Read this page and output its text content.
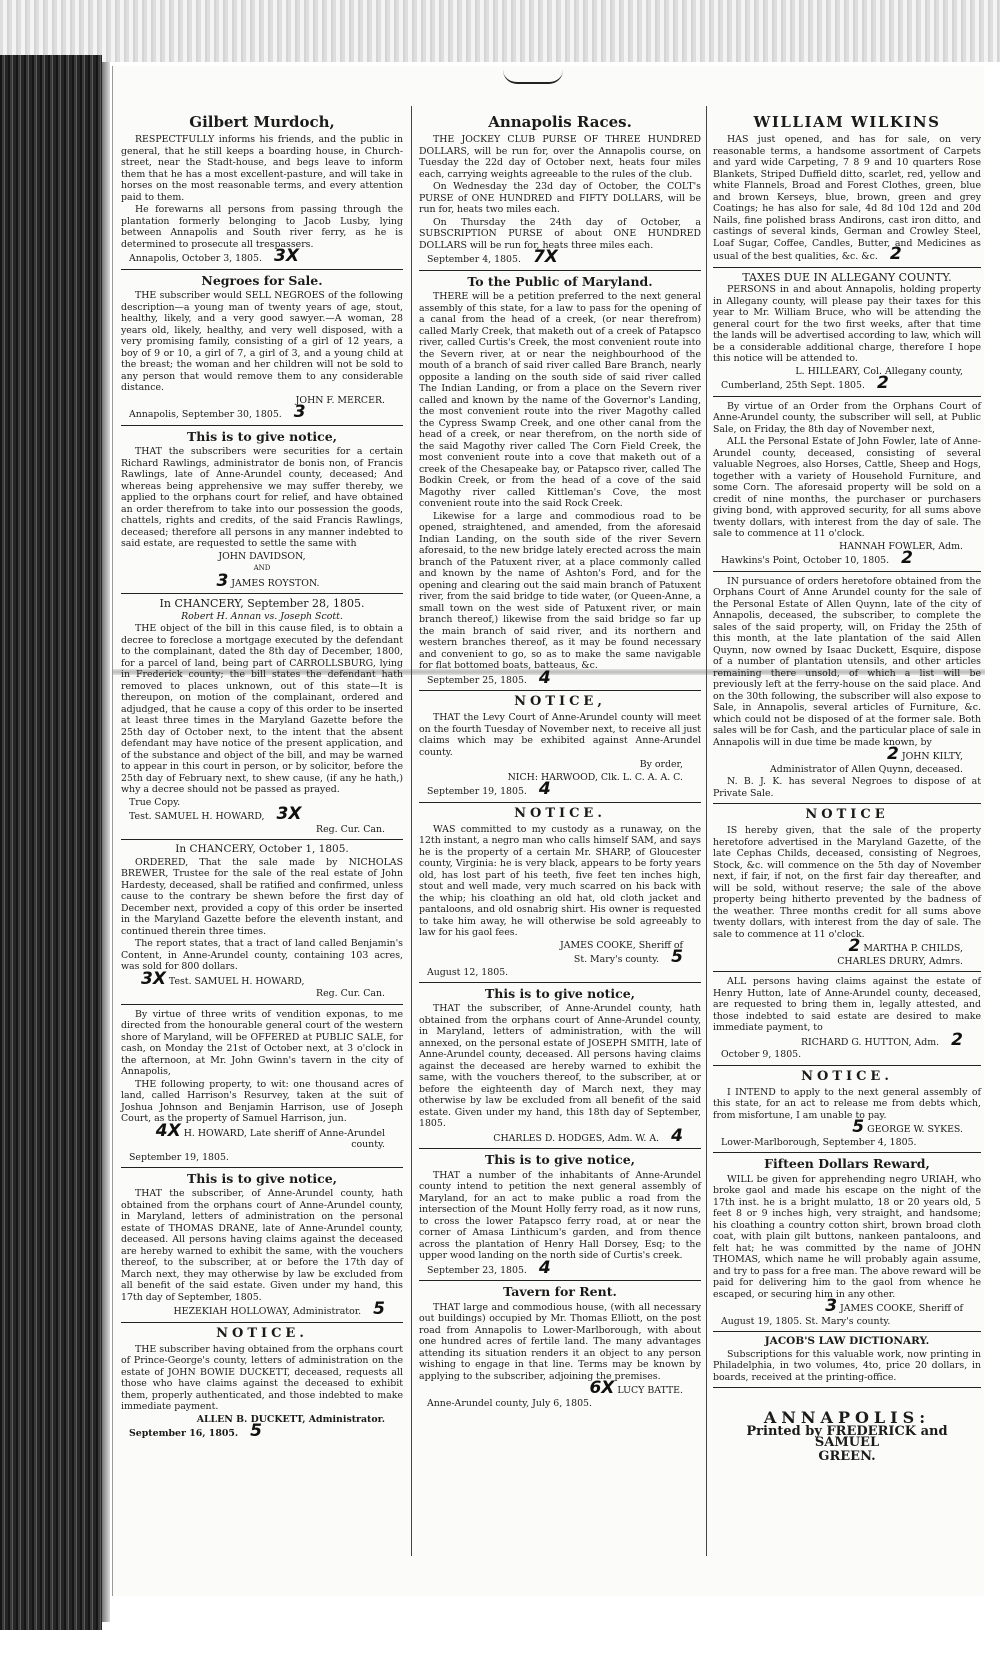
Gilbert Murdoch,

RESPECTFULLY informs his friends, and the public in general, that he still keeps a boarding house, in Church-street, near the Stadt-house, and begs leave to inform them that he has a most excellent-pasture, and will take in horses on the most reasonable terms, and every attention paid to them.

He forewarns all persons from passing through the plantation formerly belonging to Jacob Lusby, lying between Annapolis and South river ferry, as he is determined to prosecute all trespassers.

Annapolis, October 3, 1805. 3X

Negroes for Sale.

THE subscriber would SELL NEGROES of the following description—a young man of twenty years of age, stout, healthy, likely, and a very good sawyer.—A woman, 28 years old, likely, healthy, and very well disposed, with a very promising family, consisting of a girl of 12 years, a boy of 9 or 10, a girl of 7, a girl of 3, and a young child at the breast; the woman and her children will not be sold to any person that would remove them to any considerable distance.

JOHN F. MERCER.

Annapolis, September 30, 1805. 3

This is to give notice,

THAT the subscribers were securities for a certain Richard Rawlings, administrator de bonis non, of Francis Rawlings, late of Anne-Arundel county, deceased; And whereas being apprehensive we may suffer thereby, we applied to the orphans court for relief, and have obtained an order therefrom to take into our possession the goods, chattels, rights and credits, of the said Francis Rawlings, deceased; therefore all persons in any manner indebted to said estate, are requested to settle the same with

JOHN DAVIDSON,

AND

3 JAMES ROYSTON.

In CHANCERY, September 28, 1805.

Robert H. Annan vs. Joseph Scott.

THE object of the bill in this cause filed, is to obtain a decree to foreclose a mortgage executed by the defendant to the complainant, dated the 8th day of December, 1800, for a parcel of land, being part of CARROLLSBURG, lying in Frederick county; the bill states the defendant hath removed to places unknown, out of this state—It is thereupon, on motion of the complainant, ordered and adjudged, that he cause a copy of this order to be inserted at least three times in the Maryland Gazette before the 25th day of October next, to the intent that the absent defendant may have notice of the present application, and of the substance and object of the bill, and may be warned to appear in this court in person, or by solicitor, before the 25th day of February next, to shew cause, (if any he hath,) why a decree should not be passed as prayed.

True Copy.

Test. SAMUEL H. HOWARD, 3X

Reg. Cur. Can.

In CHANCERY, October 1, 1805.

ORDERED, That the sale made by NICHOLAS BREWER, Trustee for the sale of the real estate of John Hardesty, deceased, shall be ratified and confirmed, unless cause to the contrary be shewn before the first day of December next, provided a copy of this order be inserted in the Maryland Gazette before the eleventh instant, and continued therein three times.

The report states, that a tract of land called Benjamin's Content, in Anne-Arundel county, containing 103 acres, was sold for 800 dollars.

3X Test. SAMUEL H. HOWARD,

Reg. Cur. Can.

By virtue of three writs of vendition exponas, to me directed from the honourable general court of the western shore of Maryland, will be OFFERED at PUBLIC SALE, for cash, on Monday the 21st of October next, at 3 o'clock in the afternoon, at Mr. John Gwinn's tavern in the city of Annapolis,

THE following property, to wit: one thousand acres of land, called Harrison's Resurvey, taken at the suit of Joshua Johnson and Benjamin Harrison, use of Joseph Court, as the property of Samuel Harrison, jun.

4X H. HOWARD, Late sheriff of Anne-Arundel county.

September 19, 1805.

This is to give notice,

THAT the subscriber, of Anne-Arundel county, hath obtained from the orphans court of Anne-Arundel county, in Maryland, letters of administration on the personal estate of THOMAS DRANE, late of Anne-Arundel county, deceased. All persons having claims against the deceased are hereby warned to exhibit the same, with the vouchers thereof, to the subscriber, at or before the 17th day of March next, they may otherwise by law be excluded from all benefit of the said estate. Given under my hand, this 17th day of September, 1805.

HEZEKIAH HOLLOWAY, Administrator. 5

NOTICE.

THE subscriber having obtained from the orphans court of Prince-George's county, letters of administration on the estate of JOHN BOWIE DUCKETT, deceased, requests all those who have claims against the deceased to exhibit them, properly authenticated, and those indebted to make immediate payment.

ALLEN B. DUCKETT, Administrator.

September 16, 1805. 5

Annapolis Races.

THE JOCKEY CLUB PURSE OF THREE HUNDRED DOLLARS, will be run for, over the Annapolis course, on Tuesday the 22d day of October next, heats four miles each, carrying weights agreeable to the rules of the club.

On Wednesday the 23d day of October, the COLT's PURSE of ONE HUNDRED and FIFTY DOLLARS, will be run for, heats two miles each.

On Thursday the 24th day of October, a SUBSCRIPTION PURSE of about ONE HUNDRED DOLLARS will be run for, heats three miles each.

September 4, 1805. 7X

To the Public of Maryland.

THERE will be a petition preferred to the next general assembly of this state, for a law to pass for the opening of a canal from the head of a creek, (or near therefrom) called Marly Creek, that maketh out of a creek of Patapsco river, called Curtis's Creek, the most convenient route into the Severn river, at or near the neighbourhood of the mouth of a branch of said river called Bare Branch, nearly opposite a landing on the south side of said river called The Indian Landing, or from a place on the Severn river called and known by the name of the Governor's Landing, the most convenient route into the river Magothy called the Cypress Swamp Creek, and one other canal from the head of a creek, or near therefrom, on the north side of the said Magothy river called The Corn Field Creek, the most convenient route into a cove that maketh out of a creek of the Chesapeake bay, or Patapsco river, called The Bodkin Creek, or from the head of a cove of the said Magothy river called Kittleman's Cove, the most convenient route into the said Rock Creek.

Likewise for a large and commodious road to be opened, straightened, and amended, from the aforesaid Indian Landing, on the south side of the river Severn aforesaid, to the new bridge lately erected across the main branch of the Patuxent river, at a place commonly called and known by the name of Ashton's Ford, and for the opening and clearing out the said main branch of Patuxent river, from the said bridge to tide water, (or Queen-Anne, a small town on the west side of Patuxent river, or main branch thereof,) likewise from the said bridge so far up the main branch of said river, and its northern and western branches thereof, as it may be found necessary and convenient to go, so as to make the same navigable for flat bottomed boats, batteaus, &c.

September 25, 1805. 4

NOTICE,

THAT the Levy Court of Anne-Arundel county will meet on the fourth Tuesday of November next, to receive all just claims which may be exhibited against Anne-Arundel county.

By order,

NICH: HARWOOD, Clk. L. C. A. A. C.

September 19, 1805. 4

NOTICE.

WAS committed to my custody as a runaway, on the 12th instant, a negro man who calls himself SAM, and says he is the property of a certain Mr. SHARP, of Gloucester county, Virginia: he is very black, appears to be forty years old, has lost part of his teeth, five feet ten inches high, stout and well made, very much scarred on his back with the whip; his cloathing an old hat, old cloth jacket and pantaloons, and old osnabrig shirt. His owner is requested to take him away, he will otherwise be sold agreeably to law for his gaol fees.

JAMES COOKE, Sheriff of

St. Mary's county. 5

August 12, 1805.

This is to give notice,

THAT the subscriber, of Anne-Arundel county, hath obtained from the orphans court of Anne-Arundel county, in Maryland, letters of administration, with the will annexed, on the personal estate of JOSEPH SMITH, late of Anne-Arundel county, deceased. All persons having claims against the deceased are hereby warned to exhibit the same, with the vouchers thereof, to the subscriber, at or before the eighteenth day of March next, they may otherwise by law be excluded from all benefit of the said estate. Given under my hand, this 18th day of September, 1805.

CHARLES D. HODGES, Adm. W. A. 4

This is to give notice,

THAT a number of the inhabitants of Anne-Arundel county intend to petition the next general assembly of Maryland, for an act to make public a road from the intersection of the Mount Holly ferry road, as it now runs, to cross the lower Patapsco ferry road, at or near the corner of Amasa Linthicum's garden, and from thence across the plantation of Henry Hall Dorsey, Esq; to the upper wood landing on the north side of Curtis's creek.

September 23, 1805. 4

Tavern for Rent.

THAT large and commodious house, (with all necessary out buildings) occupied by Mr. Thomas Elliott, on the post road from Annapolis to Lower-Marlborough, with about one hundred acres of fertile land. The many advantages attending its situation renders it an object to any person wishing to engage in that line. Terms may be known by applying to the subscriber, adjoining the premises.

6X LUCY BATTE.

Anne-Arundel county, July 6, 1805.

WILLIAM WILKINS

HAS just opened, and has for sale, on very reasonable terms, a handsome assortment of Carpets and yard wide Carpeting, 7 8 9 and 10 quarters Rose Blankets, Striped Duffield ditto, scarlet, red, yellow and white Flannels, Broad and Forest Clothes, green, blue and brown Kerseys, blue, brown, green and grey Coatings; he has also for sale, 4d 8d 10d 12d and 20d Nails, fine polished brass Andirons, cast iron ditto, and castings of several kinds, German and Crowley Steel, Loaf Sugar, Coffee, Candles, Butter, and Medicines as usual of the best qualities, &c. &c. 2

TAXES DUE IN ALLEGANY COUNTY.

PERSONS in and about Annapolis, holding property in Allegany county, will please pay their taxes for this year to Mr. William Bruce, who will be attending the general court for the two first weeks, after that time the lands will be advertised according to law, which will be a considerable additional charge, therefore I hope this notice will be attended to.

L. HILLEARY, Col. Allegany county,

Cumberland, 25th Sept. 1805. 2

By virtue of an Order from the Orphans Court of Anne-Arundel county, the subscriber will sell, at Public Sale, on Friday, the 8th day of November next,

ALL the Personal Estate of John Fowler, late of Anne-Arundel county, deceased, consisting of several valuable Negroes, also Horses, Cattle, Sheep and Hogs, together with a variety of Household Furniture, and some Corn. The aforesaid property will be sold on a credit of nine months, the purchaser or purchasers giving bond, with approved security, for all sums above twenty dollars, with interest from the day of sale. The sale to commence at 11 o'clock.

HANNAH FOWLER, Adm.

Hawkins's Point, October 10, 1805. 2

IN pursuance of orders heretofore obtained from the Orphans Court of Anne Arundel county for the sale of the Personal Estate of Allen Quynn, late of the city of Annapolis, deceased, the subscriber, to complete the sales of the said property, will, on Friday the 25th of this month, at the late plantation of the said Allen Quynn, now owned by Isaac Duckett, Esquire, dispose of a number of plantation utensils, and other articles remaining there unsold, of which a list will be previously left at the ferry-house on the said place. And on the 30th following, the subscriber will also expose to Sale, in Annapolis, several articles of Furniture, &c. which could not be disposed of at the former sale. Both sales will be for Cash, and the particular place of sale in Annapolis will in due time be made known, by

2 JOHN KILTY,

Administrator of Allen Quynn, deceased.

N. B. J. K. has several Negroes to dispose of at Private Sale.

NOTICE

IS hereby given, that the sale of the property heretofore advertised in the Maryland Gazette, of the late Cephas Childs, deceased, consisting of Negroes, Stock, &c. will commence on the 5th day of November next, if fair, if not, on the first fair day thereafter, and will be sold, without reserve; the sale of the above property being hitherto prevented by the badness of the weather. Three months credit for all sums above twenty dollars, with interest from the day of sale. The sale to commence at 11 o'clock.

2 MARTHA P. CHILDS,

CHARLES DRURY, Admrs.

ALL persons having claims against the estate of Henry Hutton, late of Anne-Arundel county, deceased, are requested to bring them in, legally attested, and those indebted to said estate are desired to make immediate payment, to

RICHARD G. HUTTON, Adm. 2

October 9, 1805.

NOTICE.

I INTEND to apply to the next general assembly of this state, for an act to release me from debts which, from misfortune, I am unable to pay.

5 GEORGE W. SYKES.

Lower-Marlborough, September 4, 1805.

Fifteen Dollars Reward,

WILL be given for apprehending negro URIAH, who broke gaol and made his escape on the night of the 17th inst. he is a bright mulatto, 18 or 20 years old, 5 feet 8 or 9 inches high, very straight, and handsome; his cloathing a country cotton shirt, brown broad cloth coat, with plain gilt buttons, nankeen pantaloons, and felt hat; he was committed by the name of JOHN THOMAS, which name he will probably again assume, and try to pass for a free man. The above reward will be paid for delivering him to the gaol from whence he escaped, or securing him in any other.

3 JAMES COOKE, Sheriff of

August 19, 1805. St. Mary's county.

JACOB'S LAW DICTIONARY.

Subscriptions for this valuable work, now printing in Philadelphia, in two volumes, 4to, price 20 dollars, in boards, received at the printing-office.

ANNAPOLIS:
Printed by FREDERICK and SAMUEL
GREEN.
